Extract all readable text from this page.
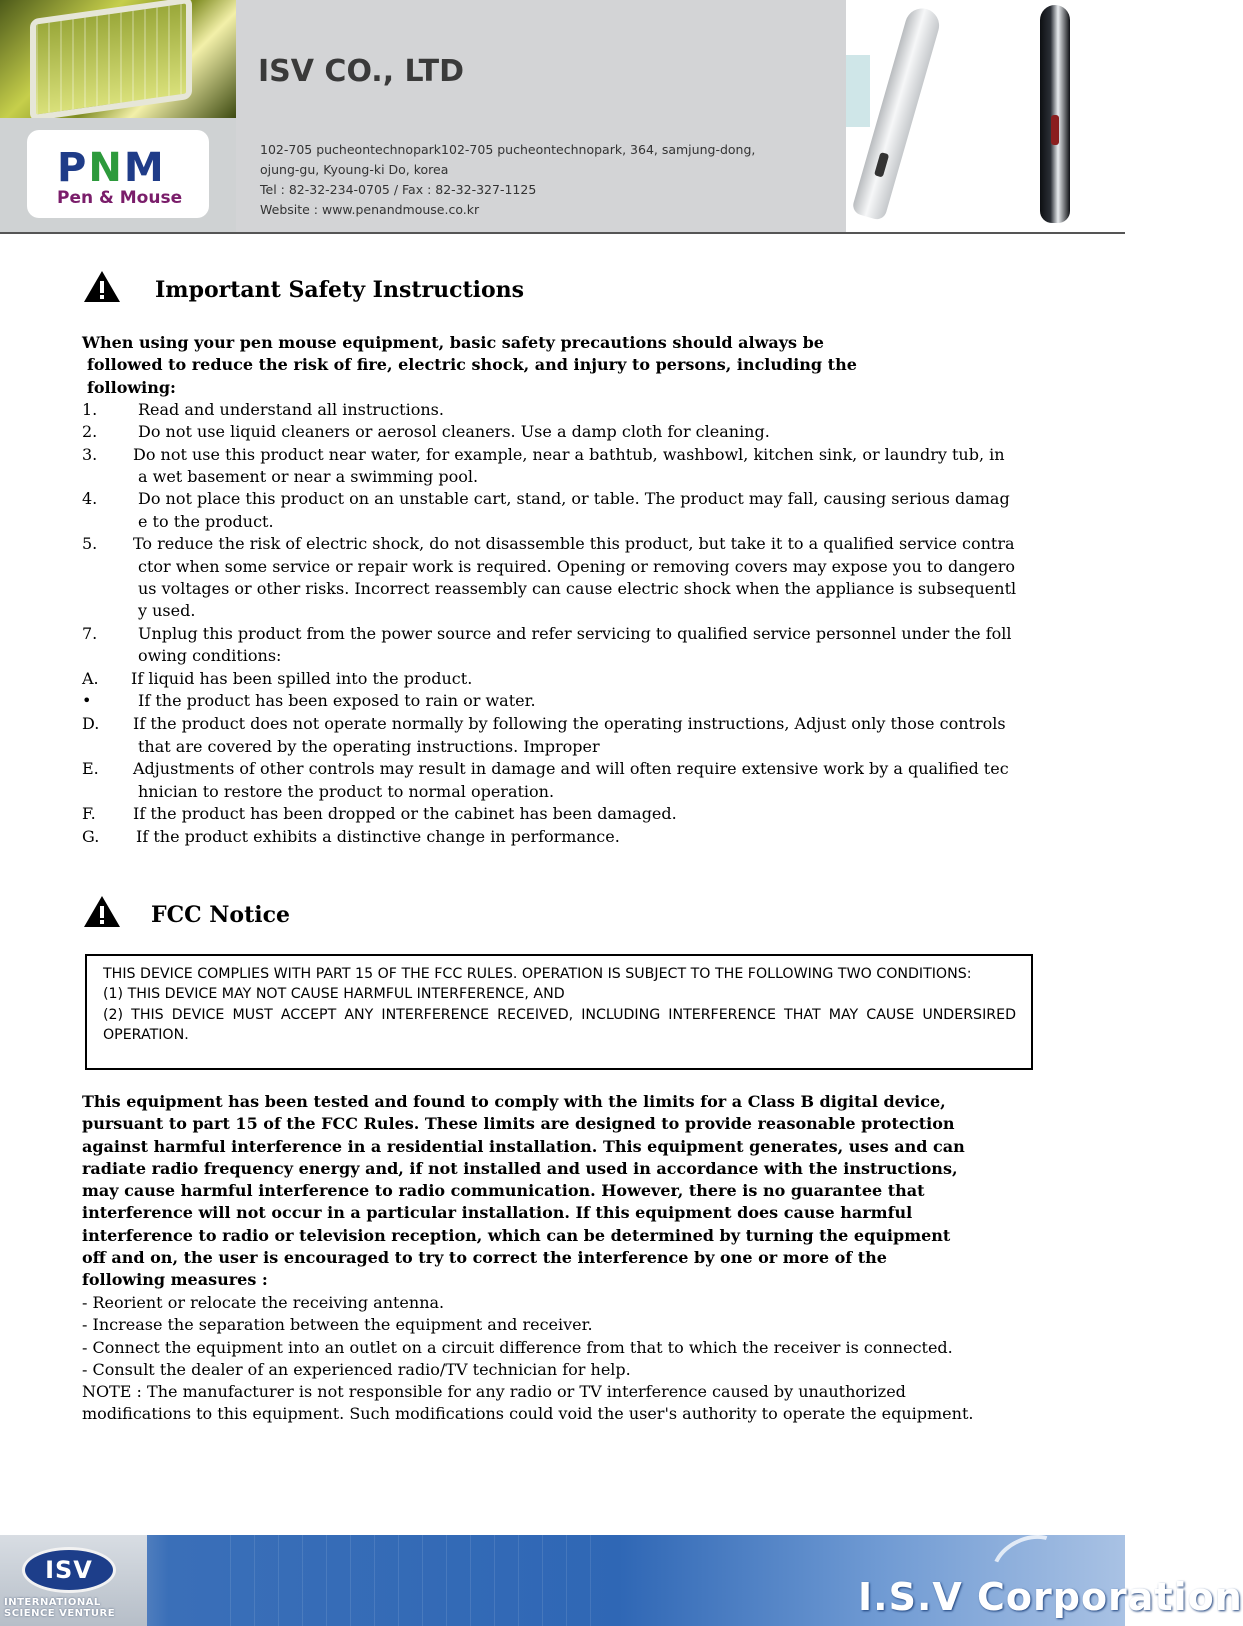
PNM
Pen & Mouse
ISV CO., LTD
102-705 pucheontechnopark102-705 pucheontechnopark, 364, samjung-dong,
ojung-gu, Kyoung-ki Do, korea
Tel : 82-32-234-0705 / Fax : 82-32-327-1125
Website : www.penandmouse.co.kr
Important Safety Instructions
When using your pen mouse equipment, basic safety precautions should always be
followed to reduce the risk of fire, electric shock, and injury to persons, including the
following:
1.	Read and understand all instructions.
2.	Do not use liquid cleaners or aerosol cleaners. Use a damp cloth for cleaning.
3. Do not use this product near water, for example, near a bathtub, washbowl, kitchen sink, or laundry tub, in
a wet basement or near a swimming pool.
4.	Do not place this product on an unstable cart, stand, or table. The product may fall, causing serious damag
e to the product.
5. To reduce the risk of electric shock, do not disassemble this product, but take it to a qualified service contra
ctor when some service or repair work is required. Opening or removing covers may expose you to dangero
us voltages or other risks. Incorrect reassembly can cause electric shock when the appliance is subsequentl
y used.
7.	Unplug this product from the power source and refer servicing to qualified service personnel under the foll
owing conditions:
A. If liquid has been spilled into the product.
•	If the product has been exposed to rain or water.
D. If the product does not operate normally by following the operating instructions, Adjust only those controls
that are covered by the operating instructions. Improper
E. Adjustments of other controls may result in damage and will often require extensive work by a qualified tec
hnician to restore the product to normal operation.
F. If the product has been dropped or the cabinet has been damaged.
G. If the product exhibits a distinctive change in performance.
FCC Notice
THIS DEVICE COMPLIES WITH PART 15 OF THE FCC RULES. OPERATION IS SUBJECT TO THE FOLLOWING TWO CONDITIONS:
(1) THIS DEVICE MAY NOT CAUSE HARMFUL INTERFERENCE, AND
(2) THIS DEVICE MUST ACCEPT ANY INTERFERENCE RECEIVED, INCLUDING INTERFERENCE THAT MAY CAUSE UNDERSIRED OPERATION.
This equipment has been tested and found to comply with the limits for a Class B digital device,
pursuant to part 15 of the FCC Rules. These limits are designed to provide reasonable protection
against harmful interference in a residential installation. This equipment generates, uses and can
radiate radio frequency energy and, if not installed and used in accordance with the instructions,
may cause harmful interference to radio communication. However, there is no guarantee that
interference will not occur in a particular installation. If this equipment does cause harmful
interference to radio or television reception, which can be determined by turning the equipment
off and on, the user is encouraged to try to correct the interference by one or more of the
following measures :
- Reorient or relocate the receiving antenna.
- Increase the separation between the equipment and receiver.
- Connect the equipment into an outlet on a circuit difference from that to which the receiver is connected.
- Consult the dealer of an experienced radio/TV technician for help.
NOTE : The manufacturer is not responsible for any radio or TV interference caused by unauthorized
modifications to this equipment. Such modifications could void the user's authority to operate the equipment.
ISV
INTERNATIONAL
SCIENCE VENTURE	I.S.V Corporation
